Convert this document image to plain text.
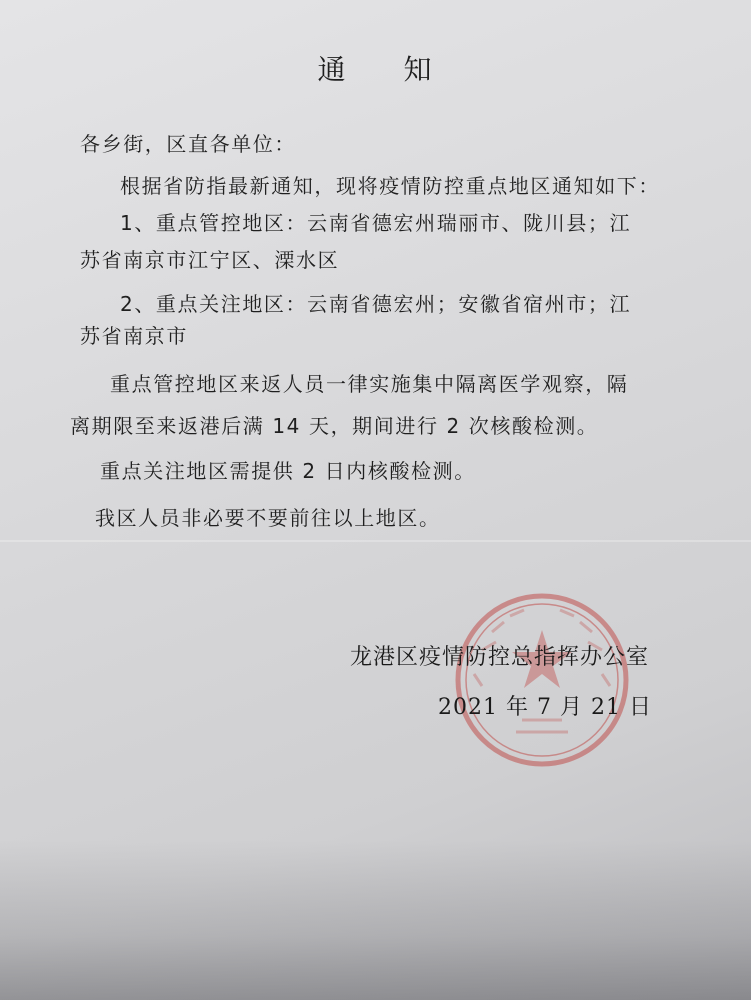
通 知

各乡街，区直各单位：

根据省防指最新通知，现将疫情防控重点地区通知如下：

1、重点管控地区：云南省德宏州瑞丽市、陇川县；江

苏省南京市江宁区、溧水区

2、重点关注地区：云南省德宏州；安徽省宿州市；江

苏省南京市

重点管控地区来返人员一律实施集中隔离医学观察，隔

离期限至来返港后满 14 天，期间进行 2 次核酸检测。

重点关注地区需提供 2 日内核酸检测。

我区人员非必要不要前往以上地区。

龙港区疫情防控总指挥办公室
2021 年 7 月 21 日
